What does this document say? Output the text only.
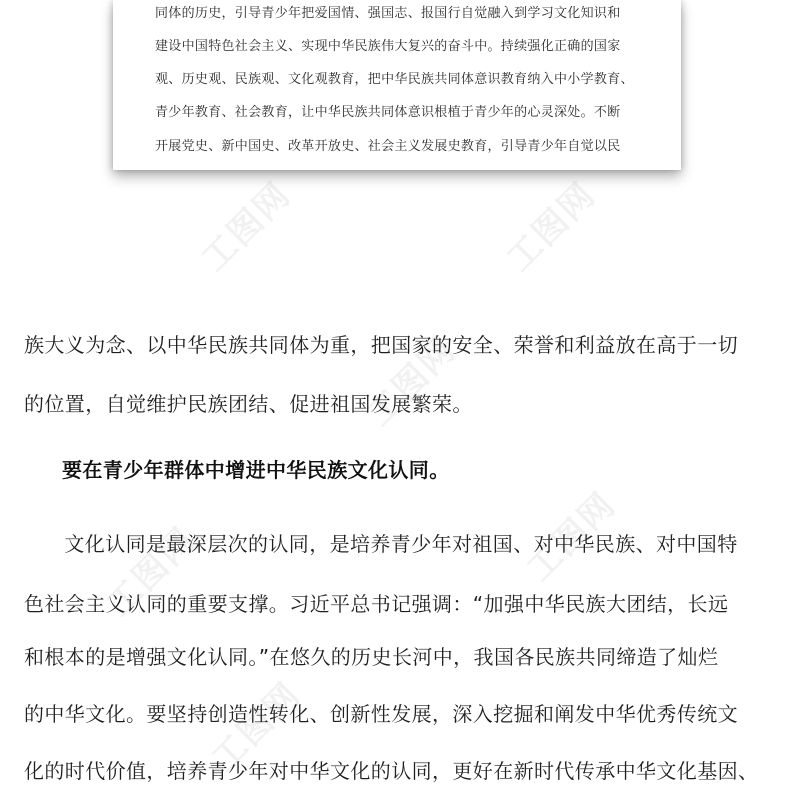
工图网	工图网
工图网
工图网
工图网
工图网
同体的历史，引导青少年把爱国情、强国志、报国行自觉融入到学习文化知识和
建设中国特色社会主义、实现中华民族伟大复兴的奋斗中。持续强化正确的国家
观、历史观、民族观、文化观教育，把中华民族共同体意识教育纳入中小学教育、
青少年教育、社会教育，让中华民族共同体意识根植于青少年的心灵深处。不断
开展党史、新中国史、改革开放史、社会主义发展史教育，引导青少年自觉以民
族大义为念、以中华民族共同体为重，把国家的安全、荣誉和利益放在高于一切
的位置，自觉维护民族团结、促进祖国发展繁荣。
要在青少年群体中增进中华民族文化认同。
　文化认同是最深层次的认同，是培养青少年对祖国、对中华民族、对中国特
色社会主义认同的重要支撑。习近平总书记强调：“加强中华民族大团结，长远
和根本的是增强文化认同。”在悠久的历史长河中，我国各民族共同缔造了灿烂
的中华文化。要坚持创造性转化、创新性发展，深入挖掘和阐发中华优秀传统文
化的时代价值，培养青少年对中华文化的认同，更好在新时代传承中华文化基因、
